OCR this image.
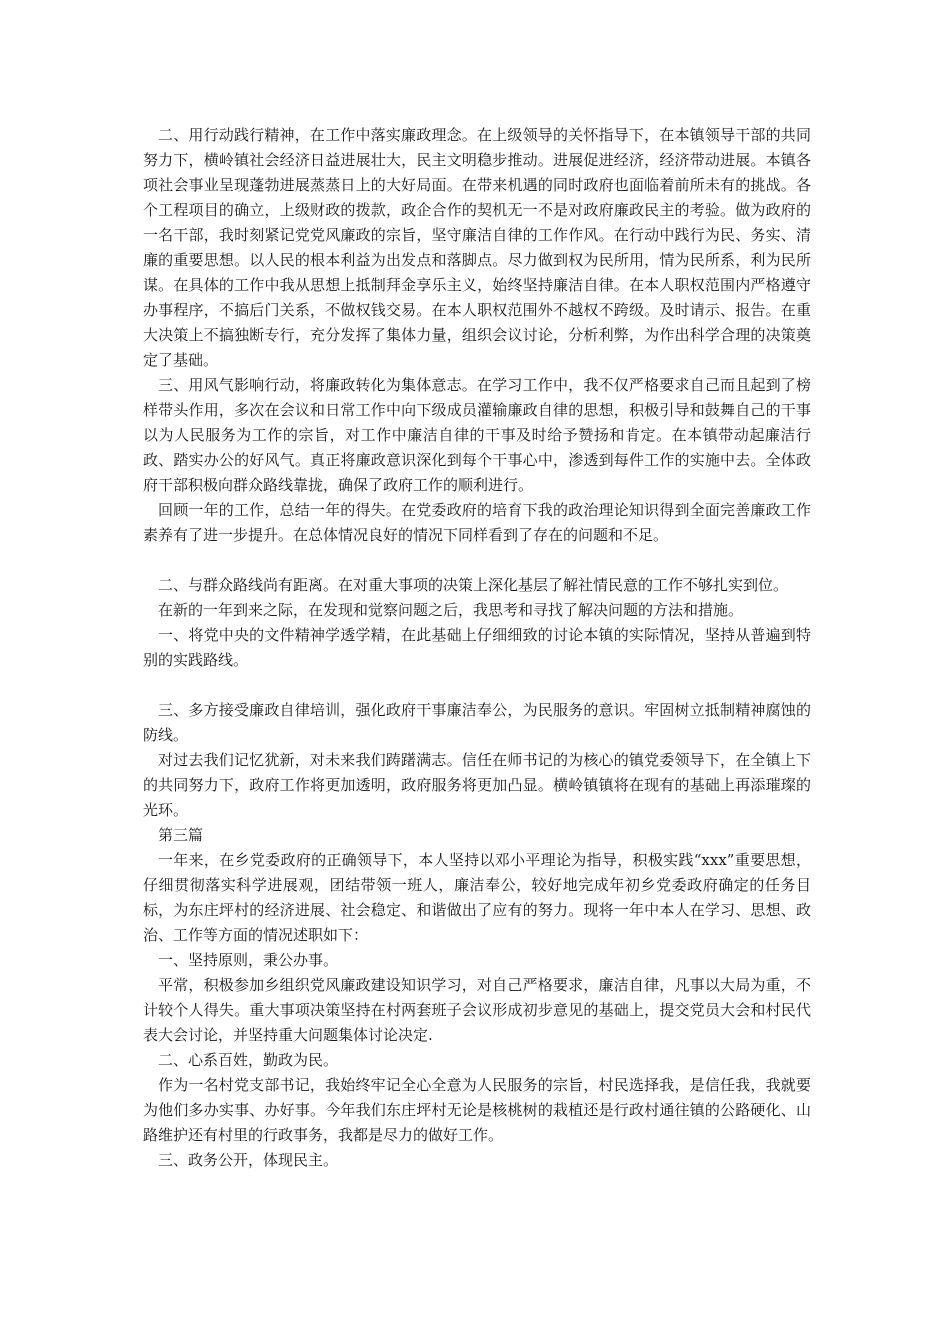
二、用行动践行精神，在工作中落实廉政理念。在上级领导的关怀指导下，在本镇领导干部的共同努力下，横岭镇社会经济日益进展壮大，民主文明稳步推动。进展促进经济，经济带动进展。本镇各项社会事业呈现蓬勃进展蒸蒸日上的大好局面。在带来机遇的同时政府也面临着前所未有的挑战。各个工程项目的确立，上级财政的拨款，政企合作的契机无一不是对政府廉政民主的考验。做为政府的一名干部，我时刻紧记党党风廉政的宗旨，坚守廉洁自律的工作作风。在行动中践行为民、务实、清廉的重要思想。以人民的根本利益为出发点和落脚点。尽力做到权为民所用，情为民所系，利为民所谋。在具体的工作中我从思想上抵制拜金享乐主义，始终坚持廉洁自律。在本人职权范围内严格遵守办事程序，不搞后门关系，不做权钱交易。在本人职权范围外不越权不跨级。及时请示、报告。在重大决策上不搞独断专行，充分发挥了集体力量，组织会议讨论，分析利弊，为作出科学合理的决策奠定了基础。

三、用风气影响行动，将廉政转化为集体意志。在学习工作中，我不仅严格要求自己而且起到了榜样带头作用，多次在会议和日常工作中向下级成员灌输廉政自律的思想，积极引导和鼓舞自己的干事以为人民服务为工作的宗旨，对工作中廉洁自律的干事及时给予赞扬和肯定。在本镇带动起廉洁行政、踏实办公的好风气。真正将廉政意识深化到每个干事心中，渗透到每件工作的实施中去。全体政府干部积极向群众路线靠拢，确保了政府工作的顺利进行。

回顾一年的工作，总结一年的得失。在党委政府的培育下我的政治理论知识得到全面完善廉政工作素养有了进一步提升。在总体情况良好的情况下同样看到了存在的问题和不足。

二、与群众路线尚有距离。在对重大事项的决策上深化基层了解社情民意的工作不够扎实到位。

在新的一年到来之际，在发现和觉察问题之后，我思考和寻找了解决问题的方法和措施。

一、将党中央的文件精神学透学精，在此基础上仔细细致的讨论本镇的实际情况，坚持从普遍到特别的实践路线。

三、多方接受廉政自律培训，强化政府干事廉洁奉公，为民服务的意识。牢固树立抵制精神腐蚀的防线。

对过去我们记忆犹新，对未来我们踌躇满志。信任在师书记的为核心的镇党委领导下，在全镇上下的共同努力下，政府工作将更加透明，政府服务将更加凸显。横岭镇镇将在现有的基础上再添璀璨的光环。

第三篇

一年来，在乡党委政府的正确领导下，本人坚持以邓小平理论为指导，积极实践“xxx”重要思想，仔细贯彻落实科学进展观，团结带领一班人，廉洁奉公，较好地完成年初乡党委政府确定的任务目标，为东庄坪村的经济进展、社会稳定、和谐做出了应有的努力。现将一年中本人在学习、思想、政治、工作等方面的情况述职如下：

一、坚持原则，秉公办事。

平常，积极参加乡组织党风廉政建设知识学习，对自己严格要求，廉洁自律，凡事以大局为重，不计较个人得失。重大事项决策坚持在村两套班子会议形成初步意见的基础上，提交党员大会和村民代表大会讨论，并坚持重大问题集体讨论决定.

二、心系百姓，勤政为民。

作为一名村党支部书记，我始终牢记全心全意为人民服务的宗旨，村民选择我，是信任我，我就要为他们多办实事、办好事。今年我们东庄坪村无论是核桃树的栽植还是行政村通往镇的公路硬化、山路维护还有村里的行政事务，我都是尽力的做好工作。

三、政务公开，体现民主。
